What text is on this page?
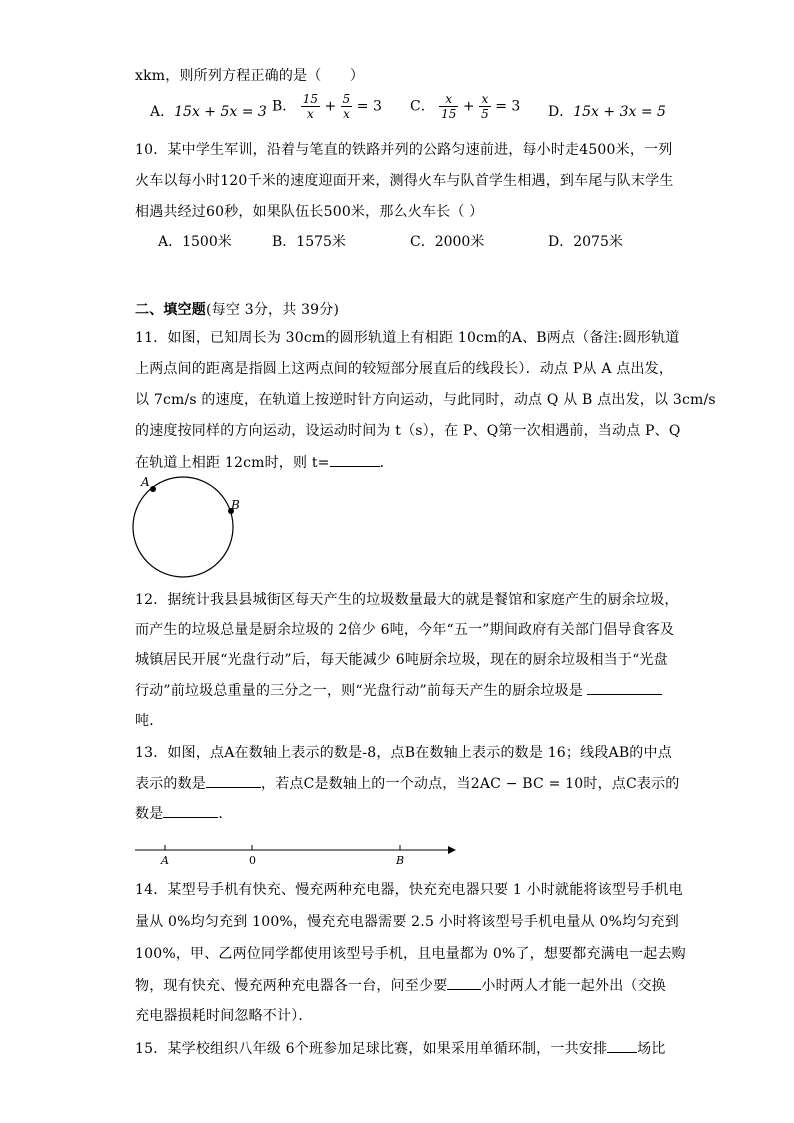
xkm，则所列方程正确的是（　　）
A．15x + 5x = 3 B． $\frac{15}{x} + \frac{5}{x} = 3$ C． $\frac{x}{15} + \frac{x}{5} = 3$ D．15x + 3x = 5
10．某中学生军训，沿着与笔直的铁路并列的公路匀速前进，每小时走4500米，一列
火车以每小时120千米的速度迎面开来，测得火车与队首学生相遇，到车尾与队末学生
相遇共经过60秒，如果队伍长500米，那么火车长（ ）
A．1500米	B．1575米	C．2000米	D．2075米
二、填空题(每空 3分，共 39分)
11．如图，已知周长为 30cm的圆形轨道上有相距 10cm的A、B两点（备注:圆形轨道
上两点间的距离是指圆上这两点间的较短部分展直后的线段长）．动点 P从 A 点出发，
以 7cm/s 的速度，在轨道上按逆时针方向运动，与此同时，动点 Q 从 B 点出发，以 3cm/s
的速度按同样的方向运动，设运动时间为 t（s），在 P、Q第一次相遇前，当动点 P、Q
在轨道上相距 12cm时，则 t=	．
A
B
12．据统计我县县城街区每天产生的垃圾数量最大的就是餐馆和家庭产生的厨余垃圾，
而产生的垃圾总量是厨余垃圾的 2倍少 6吨，今年“五一”期间政府有关部门倡导食客及
城镇居民开展“光盘行动”后，每天能减少 6吨厨余垃圾，现在的厨余垃圾相当于“光盘
行动”前垃圾总重量的三分之一，则“光盘行动”前每天产生的厨余垃圾是
吨．
13．如图，点A在数轴上表示的数是-8，点B在数轴上表示的数是 16；线段AB的中点
表示的数是	，若点C是数轴上的一个动点，当2AC − BC = 10时，点C表示的
数是	．
A	0	B
14．某型号手机有快充、慢充两种充电器，快充充电器只要 1 小时就能将该型号手机电
量从 0%均匀充到 100%，慢充充电器需要 2.5 小时将该型号手机电量从 0%均匀充到
100%，甲、乙两位同学都使用该型号手机，且电量都为 0%了，想要都充满电一起去购
物，现有快充、慢充两种充电器各一台，问至少要 小时两人才能一起外出（交换
充电器损耗时间忽略不计）．
15．某学校组织八年级 6个班参加足球比赛，如果采用单循环制，一共安排 场比
